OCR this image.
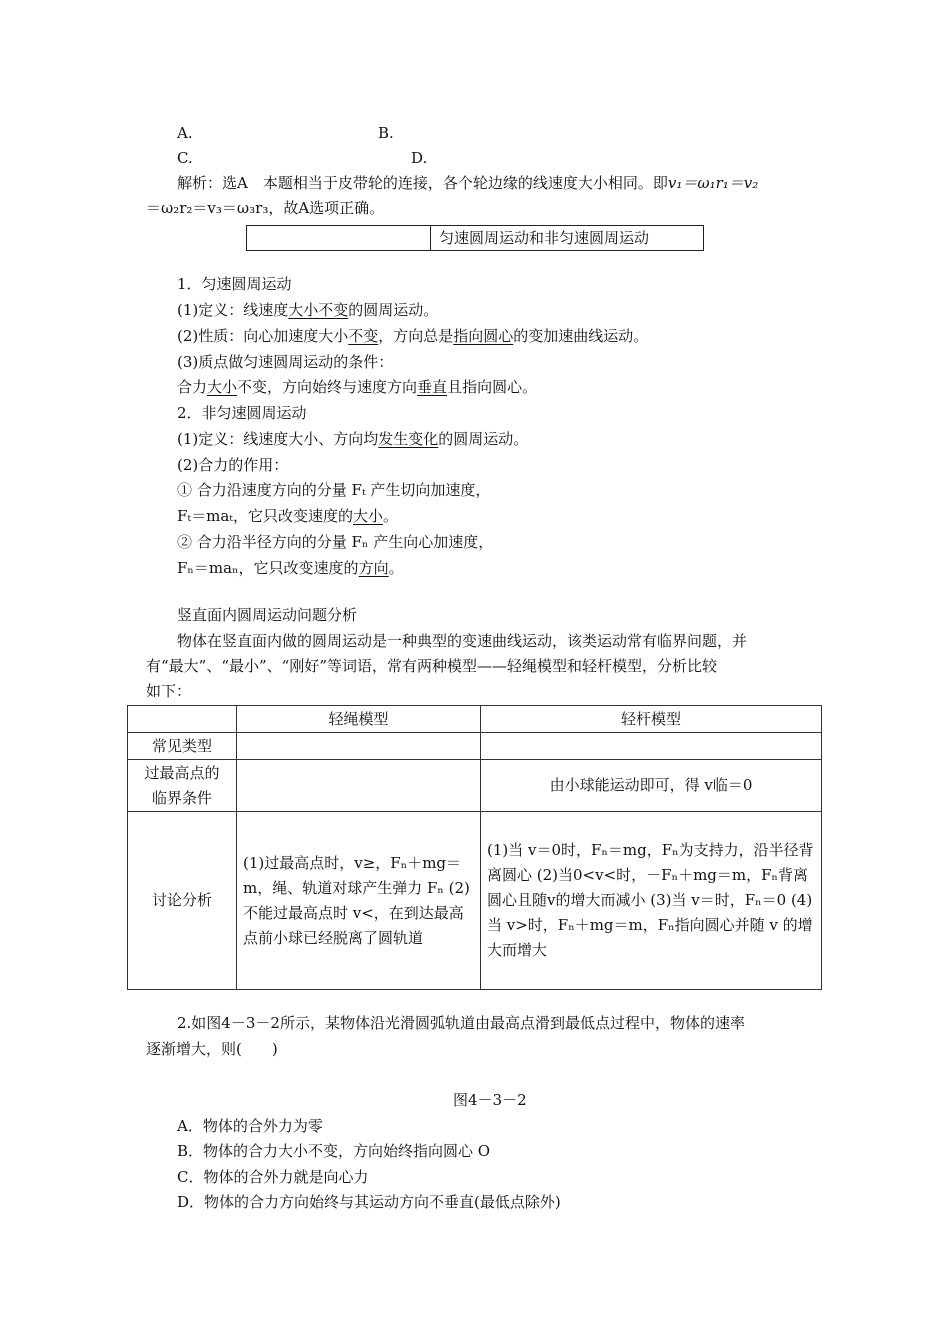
A.	B.
C.	D.
解析：选A　本题相当于皮带轮的连接，各个轮边缘的线速度大小相同。即v₁＝ω₁r₁＝v₂
＝ω₂r₂＝v₃＝ω₃r₃，故A选项正确。
匀速圆周运动和非匀速圆周运动
1．匀速圆周运动
(1)定义：线速度大小不变的圆周运动。
(2)性质：向心加速度大小不变，方向总是指向圆心的变加速曲线运动。
(3)质点做匀速圆周运动的条件：
合力大小不变，方向始终与速度方向垂直且指向圆心。
2．非匀速圆周运动
(1)定义：线速度大小、方向均发生变化的圆周运动。
(2)合力的作用：
① 合力沿速度方向的分量 Fₜ 产生切向加速度，
Fₜ＝maₜ，它只改变速度的大小。
② 合力沿半径方向的分量 Fₙ 产生向心加速度，
Fₙ＝maₙ，它只改变速度的方向。
竖直面内圆周运动问题分析
物体在竖直面内做的圆周运动是一种典型的变速曲线运动，该类运动常有临界问题，并
有“最大”、“最小”、“刚好”等词语，常有两种模型——轻绳模型和轻杆模型，分析比较
如下：
	轻绳模型	轻杆模型
常见类型		

过最高点的
临界条件		由小球能运动即可，得 v临＝0
讨论分析	(1)过最高点时，v≥，Fₙ＋mg＝m，绳、轨道对球产生弹力 Fₙ (2)不能过最高点时 v<，在到达最高点前小球已经脱离了圆轨道	(1)当 v＝0时，Fₙ＝mg，Fₙ为支持力，沿半径背离圆心 (2)当0<v<时，－Fₙ＋mg＝m，Fₙ背离圆心且随v的增大而减小 (3)当 v＝时，Fₙ＝0 (4)当 v>时，Fₙ＋mg＝m，Fₙ指向圆心并随 v 的增大而增大
2.如图4－3－2所示，某物体沿光滑圆弧轨道由最高点滑到最低点过程中，物体的速率
逐渐增大，则(　　)
图4－3－2
A．物体的合外力为零
B．物体的合力大小不变，方向始终指向圆心 O
C．物体的合外力就是向心力
D．物体的合力方向始终与其运动方向不垂直(最低点除外)
